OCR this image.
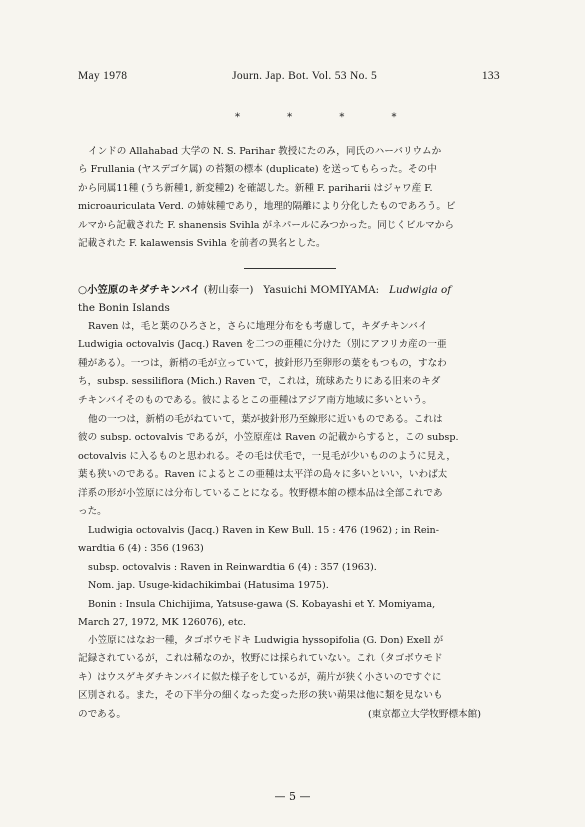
May 1978	Journ. Jap. Bot. Vol. 53 No. 5	133
* * * *
インドの Allahabad 大学の N. S. Parihar 教授にたのみ，同氏のハーバリウムか
ら Frullania (ヤスデゴケ属) の苔類の標本 (duplicate) を送ってもらった。その中
から同属11種 (うち新種1, 新変種2) を確認した。新種 F. pariharii はジャワ産 F.
microauriculata Verd. の姉妹種であり，地理的隔離により分化したものであろう。ビ
ルマから記載された F. shanensis Svihla がネパールにみつかった。同じくビルマから
記載された F. kalawensis Svihla を前者の異名とした。
○小笠原のキダチキンバイ (籾山泰一) Yasuichi MOMIYAMA: Ludwigia of
the Bonin Islands
Raven は，毛と葉のひろさと，さらに地理分布をも考慮して，キダチキンバイ
Ludwigia octovalvis (Jacq.) Raven を二つの亜種に分けた（別にアフリカ産の一亜
種がある）。一つは，新梢の毛が立っていて，披針形乃至卵形の葉をもつもの，すなわ
ち，subsp. sessiliflora (Mich.) Raven で，これは，琉球あたりにある旧来のキダ
チキンバイそのものである。彼によるとこの亜種はアジア南方地域に多いという。
他の一つは，新梢の毛がねていて，葉が披針形乃至線形に近いものである。これは
彼の subsp. octovalvis であるが，小笠原産は Raven の記載からすると，この subsp.
octovalvis に入るものと思われる。その毛は伏毛で，一見毛が少いもののように見え，
葉も狭いのである。Raven によるとこの亜種は太平洋の島々に多いといい，いわば太
洋系の形が小笠原には分布していることになる。牧野標本館の標本品は全部これであ
った。
Ludwigia octovalvis (Jacq.) Raven in Kew Bull. 15 : 476 (1962) ; in Rein-
wardtia 6 (4) : 356 (1963)
subsp. octovalvis : Raven in Reinwardtia 6 (4) : 357 (1963).
Nom. jap. Usuge-kidachikimbai (Hatusima 1975).
Bonin : Insula Chichijima, Yatsuse-gawa (S. Kobayashi et Y. Momiyama,
March 27, 1972, MK 126076), etc.
小笠原にはなお一種，タゴボウモドキ Ludwigia hyssopifolia (G. Don) Exell が
記録されているが，これは稀なのか，牧野には採られていない。これ（タゴボウモド
キ）はウスゲキダチキンバイに似た様子をしているが，蒴片が狭く小さいのですぐに
区別される。また，その下半分の細くなった変った形の狭い蒴果は他に類を見ないも
のである。	(東京都立大学牧野標本館)
— 5 —
